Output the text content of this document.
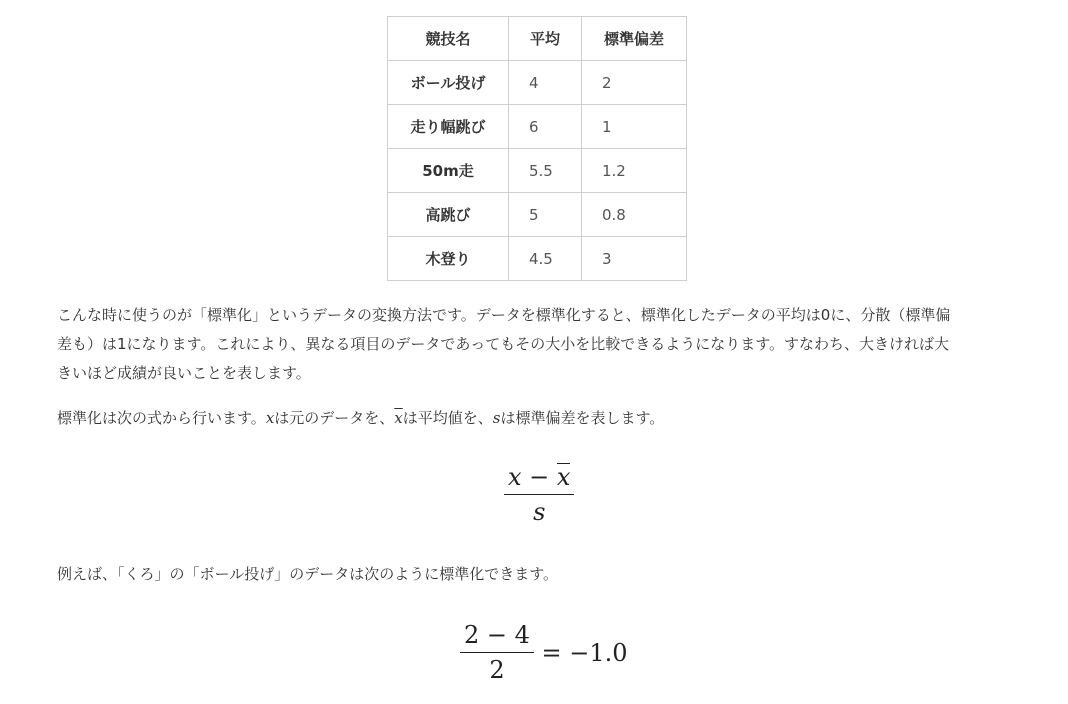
競技名	平均	標準偏差
ボール投げ	4	2
走り幅跳び	6	1
50m走	5.5	1.2
高跳び	5	0.8
木登り	4.5	3

こんな時に使うのが「標準化」というデータの変換方法です。データを標準化すると、標準化したデータの平均は0に、分散（標準偏
差も）は1になります。これにより、異なる項目のデータであってもその大小を比較できるようになります。すなわち、大きければ大
きいほど成績が良いことを表します。

標準化は次の式から行います。xは元のデータを、$\overline{x}$は平均値を、sは標準偏差を表します。

$\frac{x - x}{s}$

例えば、「くろ」の「ボール投げ」のデータは次のように標準化できます。

$\frac{2 - 4}{2} = -1.0$
